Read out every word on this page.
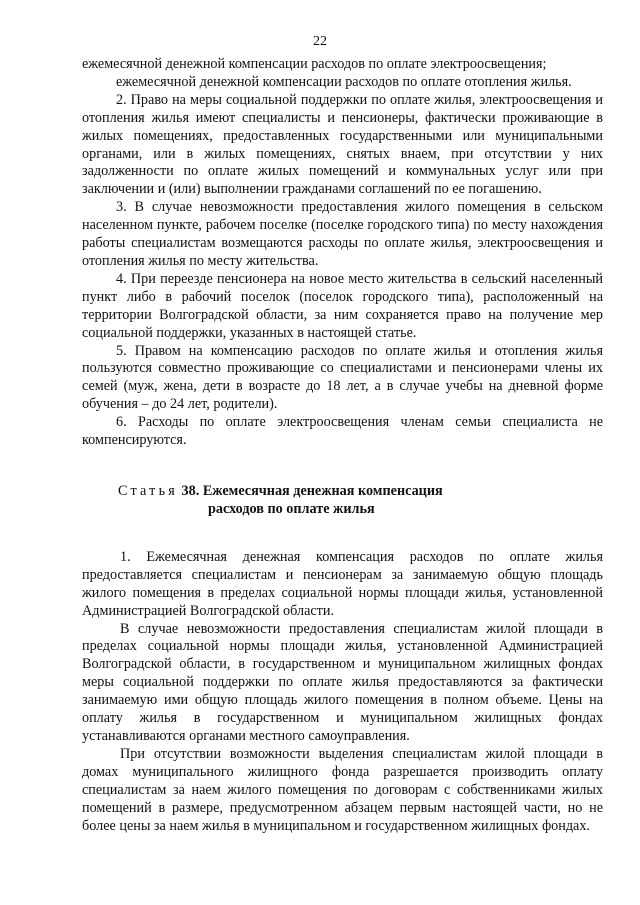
22

ежемесячной денежной компенсации расходов по оплате электроосвещения;

ежемесячной денежной компенсации расходов по оплате отопления жилья.

2. Право на меры социальной поддержки по оплате жилья, электроосвещения и отопления жилья имеют специалисты и пенсионеры, фактически проживающие в жилых помещениях, предоставленных государственными или муниципальными органами, или в жилых помещениях, снятых внаем, при отсутствии у них задолженности по оплате жилых помещений и коммунальных услуг или при заключении и (или) выполнении гражданами соглашений по ее погашению.

3. В случае невозможности предоставления жилого помещения в сельском населенном пункте, рабочем поселке (поселке городского типа) по месту нахождения работы специалистам возмещаются расходы по оплате жилья, электроосвещения и отопления жилья по месту жительства.

4. При переезде пенсионера на новое место жительства в сельский населенный пункт либо в рабочий поселок (поселок городского типа), расположенный на территории Волгоградской области, за ним сохраняется право на получение мер социальной поддержки, указанных в настоящей статье.

5. Правом на компенсацию расходов по оплате жилья и отопления жилья пользуются совместно проживающие со специалистами и пенсионерами члены их семей (муж, жена, дети в возрасте до 18 лет, а в случае учебы на дневной форме обучения – до 24 лет, родители).

6. Расходы по оплате электроосвещения членам семьи специалиста не компенсируются.

Статья 38. Ежемесячная денежная компенсация
расходов по оплате жилья

1. Ежемесячная денежная компенсация расходов по оплате жилья предоставляется специалистам и пенсионерам за занимаемую общую площадь жилого помещения в пределах социальной нормы площади жилья, установленной Администрацией Волгоградской области.

В случае невозможности предоставления специалистам жилой площади в пределах социальной нормы площади жилья, установленной Администрацией Волгоградской области, в государственном и муниципальном жилищных фондах меры социальной поддержки по оплате жилья предоставляются за фактически занимаемую ими общую площадь жилого помещения в полном объеме. Цены на оплату жилья в государственном и муниципальном жилищных фондах устанавливаются органами местного самоуправления.

При отсутствии возможности выделения специалистам жилой площади в домах муниципального жилищного фонда разрешается производить оплату специалистам за наем жилого помещения по договорам с собственниками жилых помещений в размере, предусмотренном абзацем первым настоящей части, но не более цены за наем жилья в муниципальном и государственном жилищных фондах.
